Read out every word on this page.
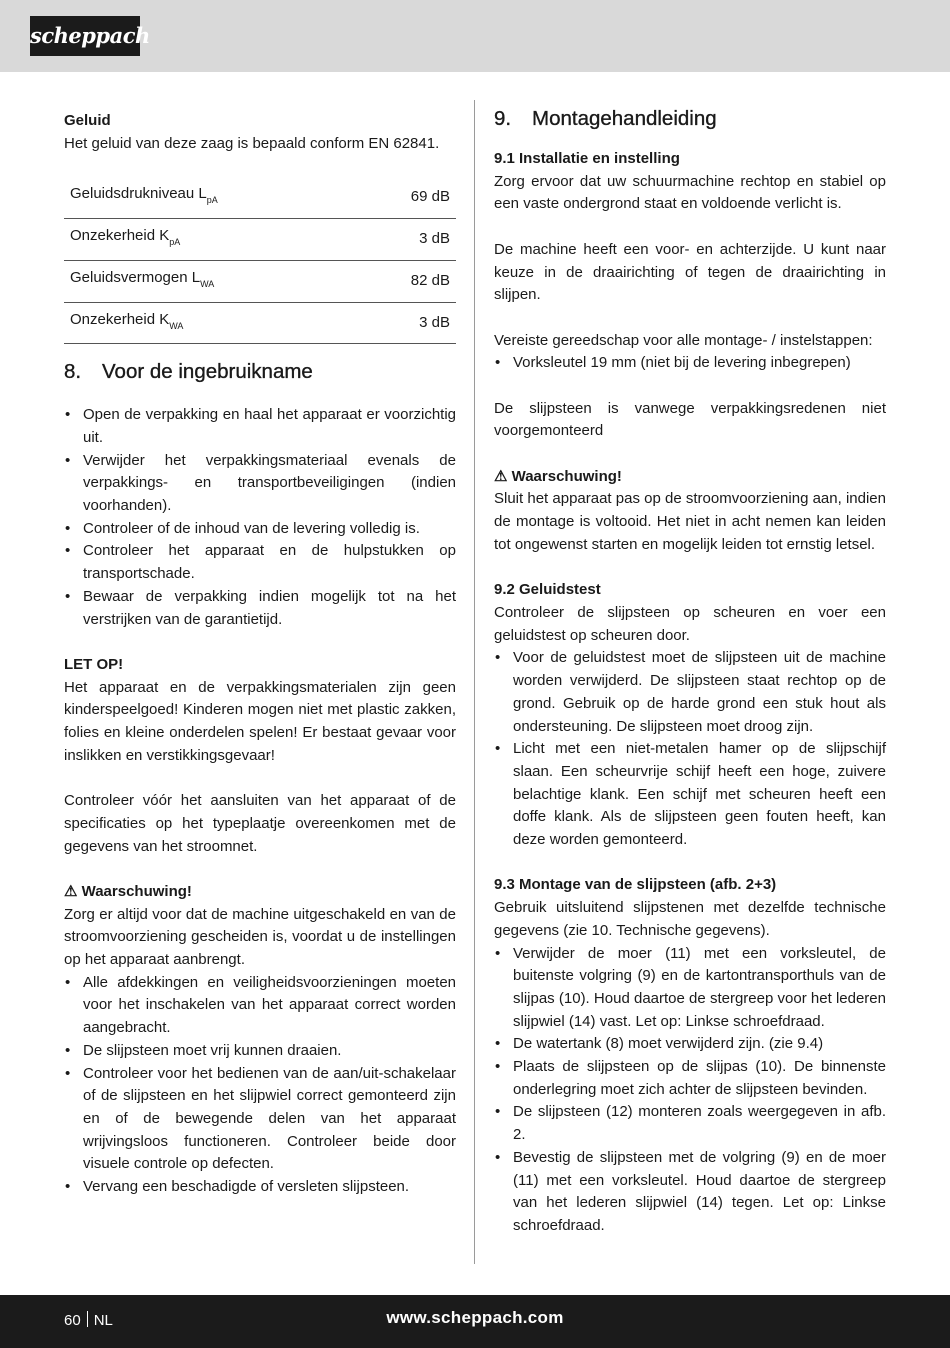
scheppach

Geluid

Het geluid van deze zaag is bepaald conform EN 62841.

Geluidsdrukniveau $L_{pA}$	69 dB
Onzekerheid $K_{pA}$	3 dB
Geluidsvermogen $L_{WA}$	82 dB
Onzekerheid $K_{WA}$	3 dB
8. Voor de ingebruikname
• Open de verpakking en haal het apparaat er voorzichtig uit.
• Verwijder het verpakkingsmateriaal evenals de verpakkings- en transportbeveiligingen (indien voorhanden).
• Controleer of de inhoud van de levering volledig is.
• Controleer het apparaat en de hulpstukken op transportschade.
• Bewaar de verpakking indien mogelijk tot na het verstrijken van de garantietijd.

LET OP!

Het apparaat en de verpakkingsmaterialen zijn geen kinderspeelgoed! Kinderen mogen niet met plastic zakken, folies en kleine onderdelen spelen! Er bestaat gevaar voor inslikken en verstikkingsgevaar!

Controleer vóór het aansluiten van het apparaat of de specificaties op het typeplaatje overeenkomen met de gegevens van het stroomnet.

⚠ Waarschuwing!

Zorg er altijd voor dat de machine uitgeschakeld en van de stroomvoorziening gescheiden is, voordat u de instellingen op het apparaat aanbrengt.

• Alle afdekkingen en veiligheidsvoorzieningen moeten voor het inschakelen van het apparaat correct worden aangebracht.
• De slijpsteen moet vrij kunnen draaien.
• Controleer voor het bedienen van de aan/uit-schakelaar of de slijpsteen en het slijpwiel correct gemonteerd zijn en of de bewegende delen van het apparaat wrijvingsloos functioneren. Controleer beide door visuele controle op defecten.
• Vervang een beschadigde of versleten slijpsteen.
9. Montagehandleiding

9.1 Installatie en instelling

Zorg ervoor dat uw schuurmachine rechtop en stabiel op een vaste ondergrond staat en voldoende verlicht is.

De machine heeft een voor- en achterzijde. U kunt naar keuze in de draairichting of tegen de draairichting in slijpen.

Vereiste gereedschap voor alle montage- / instelstappen:

• Vorksleutel 19 mm (niet bij de levering inbegrepen)

De slijpsteen is vanwege verpakkingsredenen niet voorgemonteerd

⚠ Waarschuwing!

Sluit het apparaat pas op de stroomvoorziening aan, indien de montage is voltooid. Het niet in acht nemen kan leiden tot ongewenst starten en mogelijk leiden tot ernstig letsel.

9.2 Geluidstest

Controleer de slijpsteen op scheuren en voer een geluidstest op scheuren door.

• Voor de geluidstest moet de slijpsteen uit de machine worden verwijderd. De slijpsteen staat rechtop op de grond. Gebruik op de harde grond een stuk hout als ondersteuning. De slijpsteen moet droog zijn.
• Licht met een niet-metalen hamer op de slijpschijf slaan. Een scheurvrije schijf heeft een hoge, zuivere belachtige klank. Een schijf met scheuren heeft een doffe klank. Als de slijpsteen geen fouten heeft, kan deze worden gemonteerd.

9.3 Montage van de slijpsteen (afb. 2+3)

Gebruik uitsluitend slijpstenen met dezelfde technische gegevens (zie 10. Technische gegevens).

• Verwijder de moer (11) met een vorksleutel, de buitenste volgring (9) en de kartontransporthuls van de slijpas (10). Houd daartoe de stergreep voor het lederen slijpwiel (14) vast. Let op: Linkse schroefdraad.
• De watertank (8) moet verwijderd zijn. (zie 9.4)
• Plaats de slijpsteen op de slijpas (10). De binnenste onderlegring moet zich achter de slijpsteen bevinden.
• De slijpsteen (12) monteren zoals weergegeven in afb. 2.
• Bevestig de slijpsteen met de volgring (9) en de moer (11) met een vorksleutel. Houd daartoe de stergreep van het lederen slijpwiel (14) tegen. Let op: Linkse schroefdraad.
60 NL	www.scheppach.com
